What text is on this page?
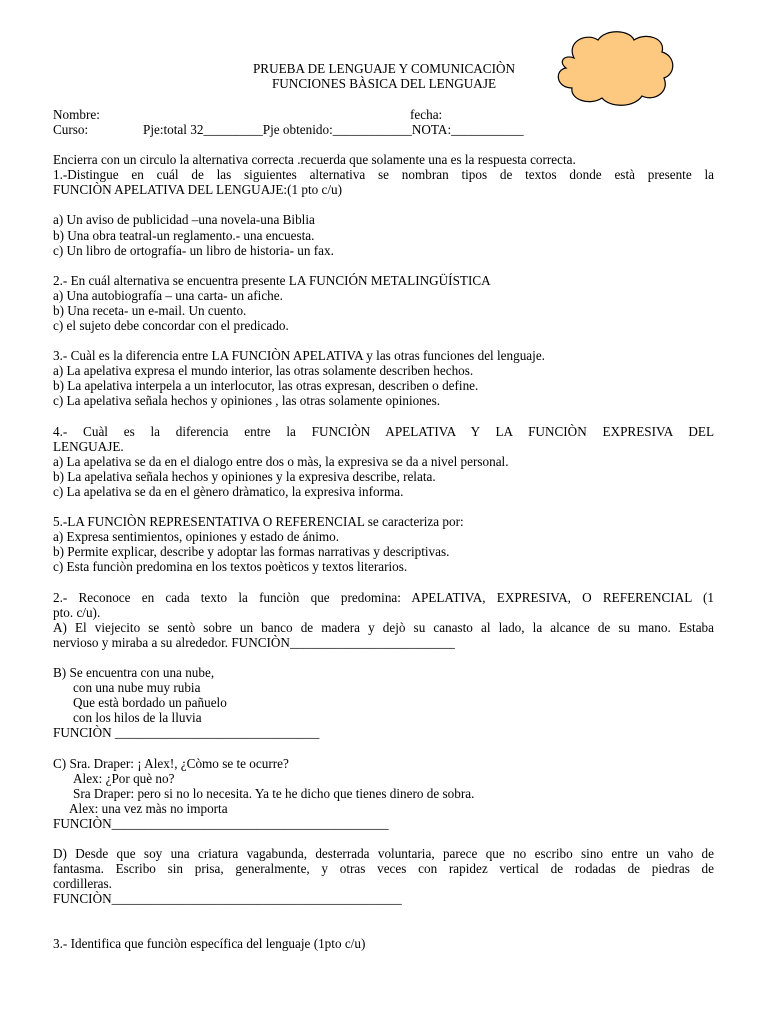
PRUEBA DE LENGUAJE Y COMUNICACIÒN
FUNCIONES BÀSICA DEL LENGUAJE
Nombre:	fecha:
Curso:	Pje:total 32_________Pje obtenido:____________NOTA:___________
Encierra con un circulo la alternativa correcta .recuerda que solamente una es la respuesta correcta.
1.-Distingue en cuál de las siguientes alternativa se nombran tipos de textos donde està presente la
FUNCIÒN APELATIVA DEL LENGUAJE:(1 pto c/u)
a) Un aviso de publicidad –una novela-una Biblia
b) Una obra teatral-un reglamento.- una encuesta.
c) Un libro de ortografía- un libro de historia- un fax.
2.- En cuál alternativa se encuentra presente LA FUNCIÓN METALINGÜÍSTICA
a) Una autobiografía – una carta- un afiche.
b) Una receta- un e-mail. Un cuento.
c) el sujeto debe concordar con el predicado.
3.- Cuàl es la diferencia entre LA FUNCIÒN APELATIVA y las otras funciones del lenguaje.
a) La apelativa expresa el mundo interior, las otras solamente describen hechos.
b) La apelativa interpela a un interlocutor, las otras expresan, describen o define.
c) La apelativa señala hechos y opiniones , las otras solamente opiniones.
4.- Cuàl es la diferencia entre la FUNCIÒN APELATIVA Y LA FUNCIÒN EXPRESIVA DEL
LENGUAJE.
a) La apelativa se da en el dialogo entre dos o màs, la expresiva se da a nivel personal.
b) La apelativa señala hechos y opiniones y la expresiva describe, relata.
c) La apelativa se da en el gènero dràmatico, la expresiva informa.
5.-LA FUNCIÒN REPRESENTATIVA O REFERENCIAL se caracteriza por:
a) Expresa sentimientos, opiniones y estado de ánimo.
b) Permite explicar, describe y adoptar las formas narrativas y descriptivas.
c) Esta funciòn predomina en los textos poèticos y textos literarios.
2.- Reconoce en cada texto la funciòn que predomina: APELATIVA, EXPRESIVA, O REFERENCIAL (1
pto. c/u).
A) El viejecito se sentò sobre un banco de madera y dejò su canasto al lado, la alcance de su mano. Estaba
nervioso y miraba a su alrededor. FUNCIÒN_________________________
B) Se encuentra con una nube,
con una nube muy rubia
Que està bordado un pañuelo
con los hilos de la lluvia
FUNCIÒN _______________________________
C) Sra. Draper: ¡ Alex!, ¿Còmo se te ocurre?
Alex: ¿Por què no?
Sra Draper: pero si no lo necesita. Ya te he dicho que tienes dinero de sobra.
Alex: una vez màs no importa
FUNCIÒN__________________________________________
D) Desde que soy una criatura vagabunda, desterrada voluntaria, parece que no escribo sino entre un vaho de
fantasma. Escribo sin prisa, generalmente, y otras veces con rapidez vertical de rodadas de piedras de
cordilleras.
FUNCIÒN____________________________________________
3.- Identifica que funciòn específica del lenguaje (1pto c/u)
